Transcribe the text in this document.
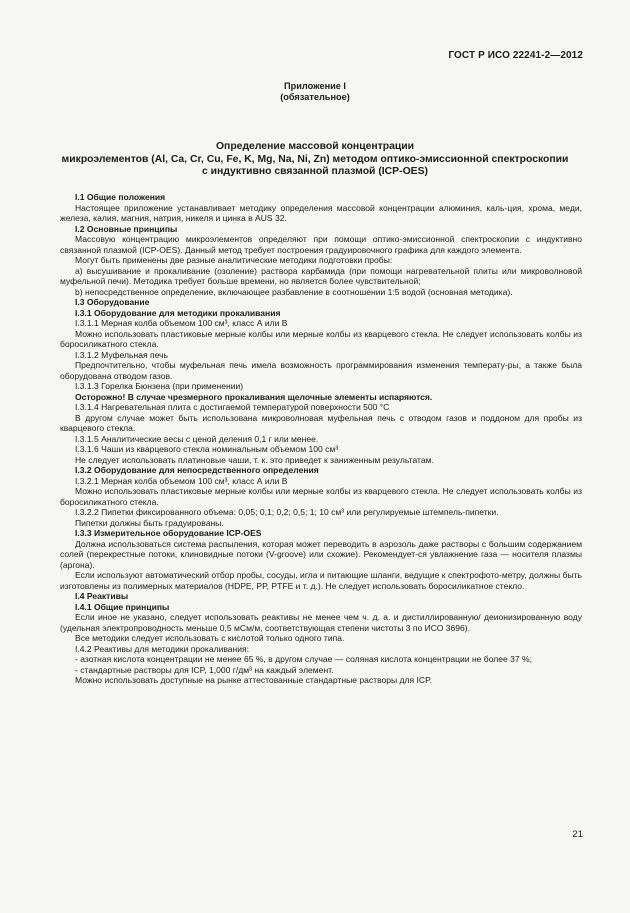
ГОСТ Р ИСО 22241-2—2012
Приложение I
(обязательное)
Определение массовой концентрации
микроэлементов (Al, Ca, Cr, Cu, Fe, K, Mg, Na, Ni, Zn) методом оптико-эмиссионной спектроскопии
с индуктивно связанной плазмой (ICP-OES)

I.1 Общие положения

Настоящее приложение устанавливает методику определения массовой концентрации алюминия, каль-ция, хрома, меди, железа, калия, магния, натрия, никеля и цинка в AUS 32.

I.2 Основные принципы

Массовую концентрацию микроэлементов определяют при помощи оптико-эмиссионной спектроскопии с индуктивно связанной плазмой (ICP-OES). Данный метод требует построения градуировочного графика для каждого элемента.

Могут быть применены две разные аналитические методики подготовки пробы:

a) высушивание и прокаливание (озоление) раствора карбамида (при помощи нагревательной плиты или микроволновой муфельной печи). Методика требует больше времени, но является более чувствительной;

b) непосредственное определение, включающее разбавление в соотношении 1:5 водой (основная методика).

I.3 Оборудование

I.3.1 Оборудование для методики прокаливания

I.3.1.1 Мерная колба объемом 100 см³, класс А или В

Можно использовать пластиковые мерные колбы или мерные колбы из кварцевого стекла. Не следует использовать колбы из боросиликатного стекла.

I.3.1.2 Муфельная печь

Предпочтительно, чтобы муфельная печь имела возможность программирования изменения температу-ры, а также была оборудована отводом газов.

I.3.1.3 Горелка Бюнзена (при применении)

Осторожно! В случае чрезмерного прокаливания щелочные элементы испаряются.

I.3.1.4 Нагревательная плита с достигаемой температурой поверхности 500 °С

В другом случае может быть использована микроволновая муфельная печь с отводом газов и поддоном для пробы из кварцевого стекла.

I.3.1.5 Аналитические весы с ценой деления 0,1 г или менее.

I.3.1.6 Чаши из кварцевого стекла номинальным объемом 100 см³

Не следует использовать платиновые чаши, т. к. это приведет к заниженным результатам.

I.3.2 Оборудование для непосредственного определения

I.3.2.1 Мерная колба объемом 100 см³, класс А или В

Можно использовать пластиковые мерные колбы или мерные колбы из кварцевого стекла. Не следует использовать колбы из боросиликатного стекла.

I.3.2.2 Пипетки фиксированного объема: 0,05; 0,1; 0,2; 0,5; 1; 10 см³ или регулируемые штемпель-пипетки.

Пипетки должны быть градуированы.

I.3.3 Измерительное оборудование ICP-OES

Должна использоваться система распыления, которая может переводить в аэрозоль даже растворы с большим содержанием солей (перекрестные потоки, клиновидные потоки (V-groove) или схожие). Рекомендует-ся увлажнение газа — носителя плазмы (аргона).

Если используют автоматический отбор пробы, сосуды, игла и питающие шланги, ведущие к спектрофото-метру, должны быть изготовлены из полимерных материалов (HDPE, PP, PTFE и т. д.). Не следует использовать боросиликатное стекло.

I.4 Реактивы

I.4.1 Общие принципы

Если иное не указано, следует использовать реактивы не менее чем ч. д. а. и дистиллированную/ деионизированную воду (удельная электропроводность меньше 0,5 мСм/м, соответствующая степени чистоты 3 по ИСО 3696).

Все методики следует использовать с кислотой только одного типа.

I.4.2 Реактивы для методики прокаливания:

- азотная кислота концентрации не менее 65 %, в другом случае — соляная кислота концентрации не более 37 %;

- стандартные растворы для ICP, 1,000 г/дм³ на каждый элемент.

Можно использовать доступные на рынке аттестованные стандартные растворы для ICP.

21
